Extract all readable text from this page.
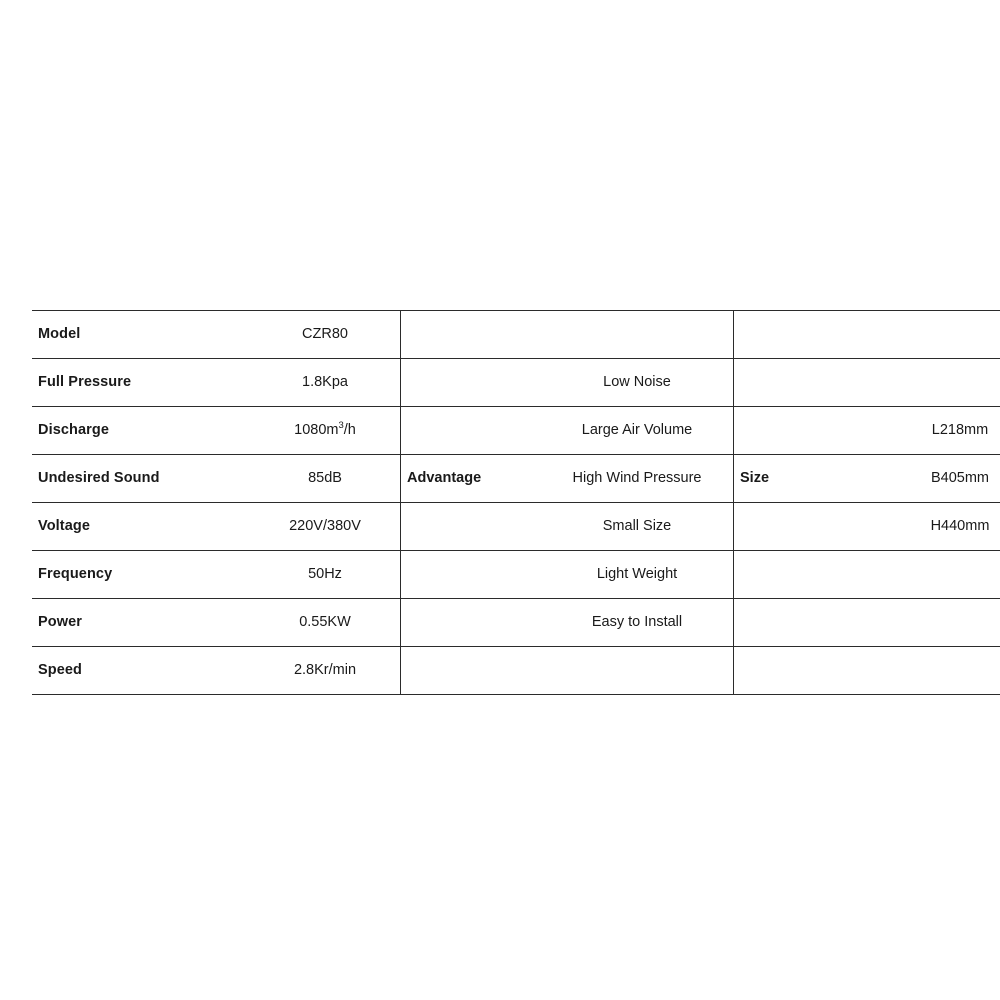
Model	CZR80					
Full Pressure	1.8Kpa		Low Noise			
Discharge	$1080m^3/h$		Large Air Volume			L218mm
Undesired Sound	85dB	Advantage	High Wind Pressure		Size	B405mm
Voltage	220V/380V		Small Size			H440mm
Frequency	50Hz		Light Weight			
Power	0.55KW		Easy to Install			
Speed	2.8Kr/min					
